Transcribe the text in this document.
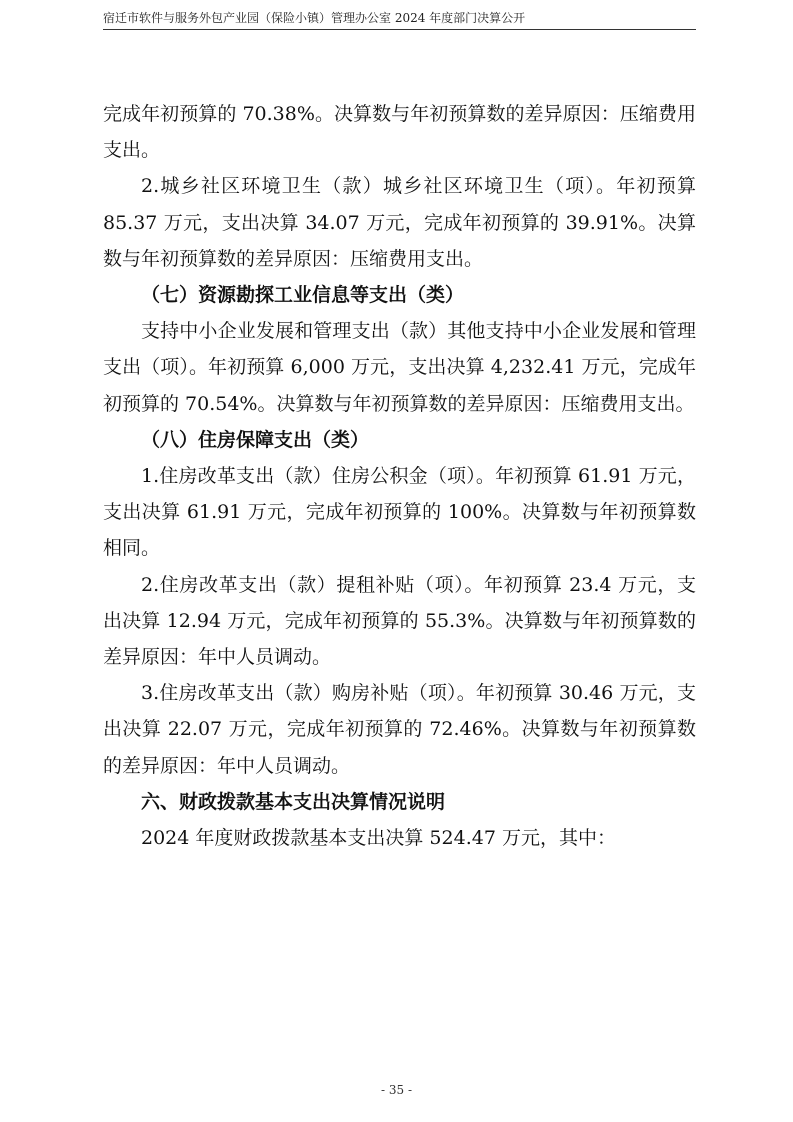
宿迁市软件与服务外包产业园（保险小镇）管理办公室 2024 年度部门决算公开

完成年初预算的 70.38%。决算数与年初预算数的差异原因：压缩费用支出。

2.城乡社区环境卫生（款）城乡社区环境卫生（项）。年初预算 85.37 万元，支出决算 34.07 万元，完成年初预算的 39.91%。决算数与年初预算数的差异原因：压缩费用支出。

（七）资源勘探工业信息等支出（类）

支持中小企业发展和管理支出（款）其他支持中小企业发展和管理支出（项）。年初预算 6,000 万元，支出决算 4,232.41 万元，完成年初预算的 70.54%。决算数与年初预算数的差异原因：压缩费用支出。

（八）住房保障支出（类）

1.住房改革支出（款）住房公积金（项）。年初预算 61.91 万元，支出决算 61.91 万元，完成年初预算的 100%。决算数与年初预算数相同。

2.住房改革支出（款）提租补贴（项）。年初预算 23.4 万元，支出决算 12.94 万元，完成年初预算的 55.3%。决算数与年初预算数的差异原因：年中人员调动。

3.住房改革支出（款）购房补贴（项）。年初预算 30.46 万元，支出决算 22.07 万元，完成年初预算的 72.46%。决算数与年初预算数的差异原因：年中人员调动。

六、财政拨款基本支出决算情况说明

2024 年度财政拨款基本支出决算 524.47 万元，其中：

- 35 -
